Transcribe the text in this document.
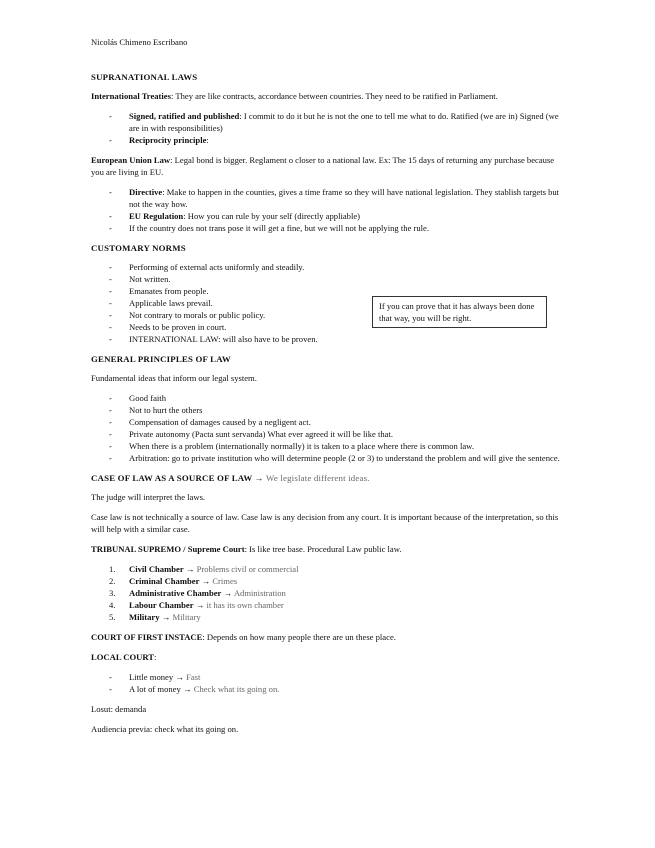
Nicolás Chimeno Escribano
SUPRANATIONAL LAWS

International Treaties: They are like contracts, accordance between countries. They need to be ratified in Parliament.

- Signed, ratified and published: I commit to do it but he is not the one to tell me what to do. Ratified (we are in) Signed (we are in with responsibilities)
- Reciprocity principle:

European Union Law: Legal bond is bigger. Reglament o closer to a national law. Ex: The 15 days of returning any purchase because you are living in EU.

- Directive: Make to happen in the counties, gives a time frame so they will have national legislation. They stablish targets but not the way how.
- EU Regulation: How you can rule by your self (directly appliable)
- If the country does not trans pose it will get a fine, but we will not be applying the rule.
CUSTOMARY NORMS
- Performing of external acts uniformly and steadily.
- Not written.
- Emanates from people.
- Applicable laws prevail.
- Not contrary to morals or public policy.
- Needs to be proven in court.
- INTERNATIONAL LAW: will also have to be proven.
GENERAL PRINCIPLES OF LAW

Fundamental ideas that inform our legal system.

- Good faith
- Not to hurt the others
- Compensation of damages caused by a negligent act.
- Private autonomy (Pacta sunt servanda) What ever agreed it will be like that.
- When there is a problem (internationally normally) it is taken to a place where there is common law.
- Arbitration: go to private institution who will determine people (2 or 3) to understand the problem and will give the sentence.
CASE OF LAW AS A SOURCE OF LAW → We legislate different ideas.

The judge will interpret the laws.

Case law is not technically a source of law. Case law is any decision from any court. It is important because of the interpretation, so this will help with a similar case.

TRIBUNAL SUPREMO / Supreme Court: Is like tree base. Procedural Law public law.

1. Civil Chamber → Problems civil or commercial
2. Criminal Chamber → Crimes
3. Administrative Chamber → Administration
4. Labour Chamber → it has its own chamber
5. Military → Military

COURT OF FIRST INSTACE: Depends on how many people there are un these place.

LOCAL COURT:

- Little money → Fast
- A lot of money → Check what its going on.

Losut: demanda

Audiencia previa: check what its going on.

If you can prove that it has always been done that way, you will be right.
